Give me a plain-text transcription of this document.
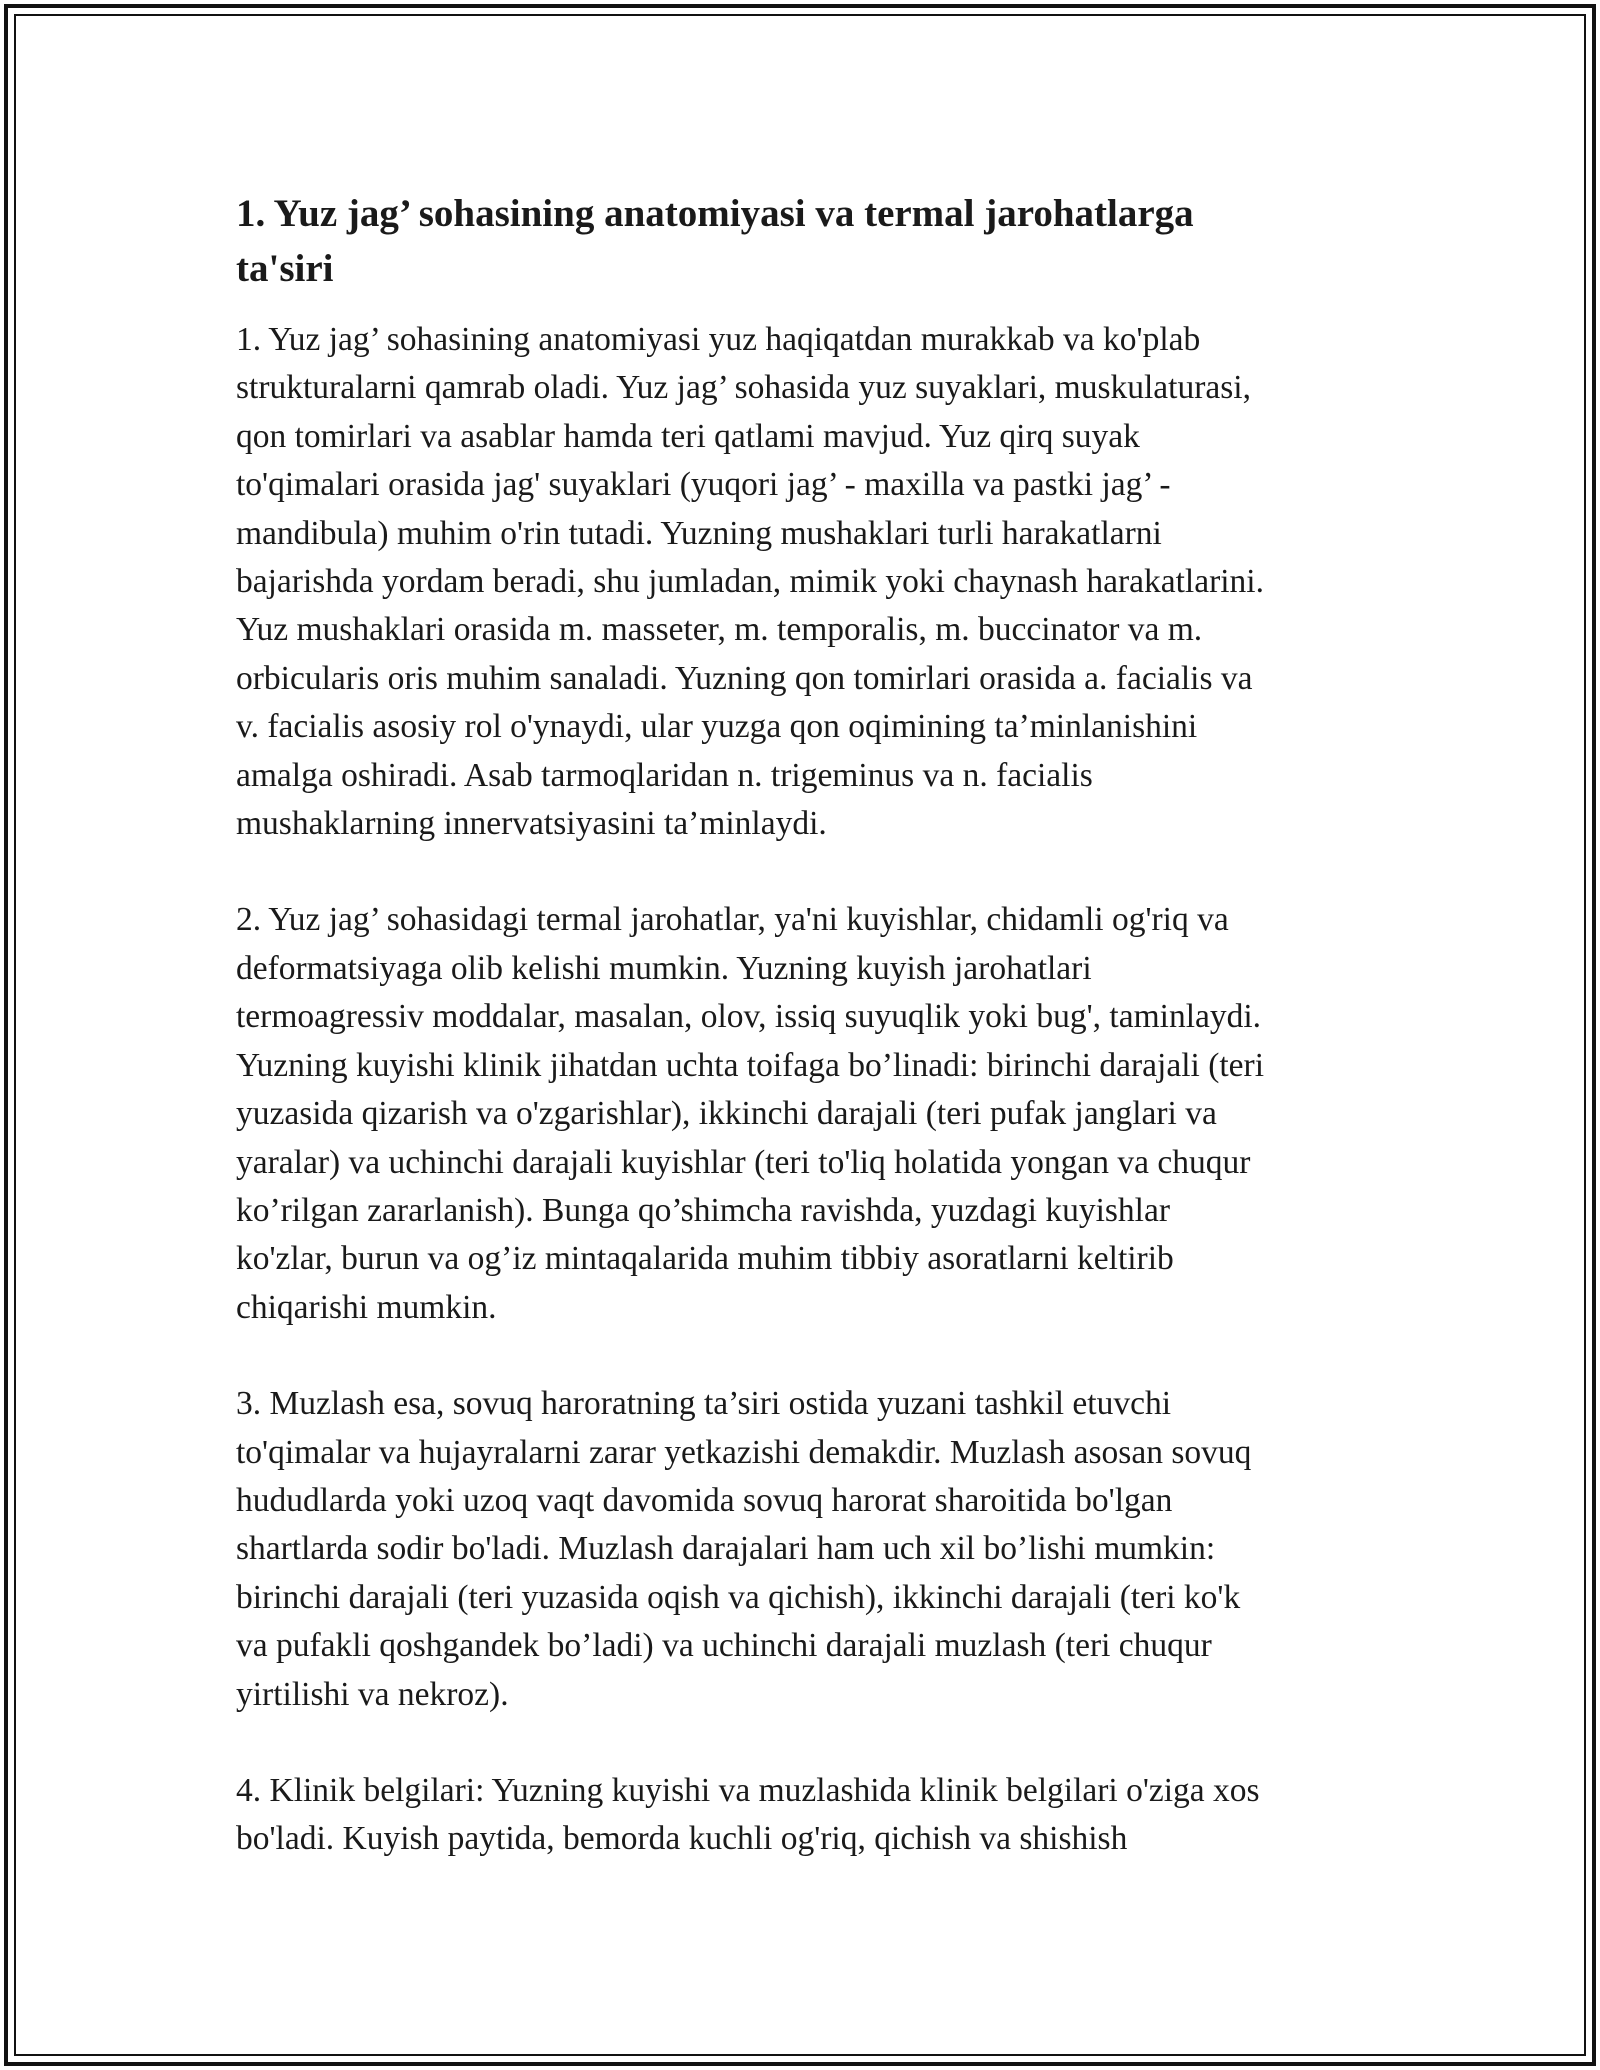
1. Yuz jag’ sohasining anatomiyasi va termal jarohatlarga
ta'siri

1. Yuz jag’ sohasining anatomiyasi yuz haqiqatdan murakkab va ko'plab
strukturalarni qamrab oladi. Yuz jag’ sohasida yuz suyaklari, muskulaturasi,
qon tomirlari va asablar hamda teri qatlami mavjud. Yuz qirq suyak
to'qimalari orasida jag' suyaklari (yuqori jag’ - maxilla va pastki jag’ -
mandibula) muhim o'rin tutadi. Yuzning mushaklari turli harakatlarni
bajarishda yordam beradi, shu jumladan, mimik yoki chaynash harakatlarini.
Yuz mushaklari orasida m. masseter, m. temporalis, m. buccinator va m.
orbicularis oris muhim sanaladi. Yuzning qon tomirlari orasida a. facialis va
v. facialis asosiy rol o'ynaydi, ular yuzga qon oqimining ta’minlanishini
amalga oshiradi. Asab tarmoqlaridan n. trigeminus va n. facialis
mushaklarning innervatsiyasini ta’minlaydi.

2. Yuz jag’ sohasidagi termal jarohatlar, ya'ni kuyishlar, chidamli og'riq va
deformatsiyaga olib kelishi mumkin. Yuzning kuyish jarohatlari
termoagressiv moddalar, masalan, olov, issiq suyuqlik yoki bug', taminlaydi.
Yuzning kuyishi klinik jihatdan uchta toifaga bo’linadi: birinchi darajali (teri
yuzasida qizarish va o'zgarishlar), ikkinchi darajali (teri pufak janglari va
yaralar) va uchinchi darajali kuyishlar (teri to'liq holatida yongan va chuqur
ko’rilgan zararlanish). Bunga qo’shimcha ravishda, yuzdagi kuyishlar
ko'zlar, burun va og’iz mintaqalarida muhim tibbiy asoratlarni keltirib
chiqarishi mumkin.

3. Muzlash esa, sovuq haroratning ta’siri ostida yuzani tashkil etuvchi
to'qimalar va hujayralarni zarar yetkazishi demakdir. Muzlash asosan sovuq
hududlarda yoki uzoq vaqt davomida sovuq harorat sharoitida bo'lgan
shartlarda sodir bo'ladi. Muzlash darajalari ham uch xil bo’lishi mumkin:
birinchi darajali (teri yuzasida oqish va qichish), ikkinchi darajali (teri ko'k
va pufakli qoshgandek bo’ladi) va uchinchi darajali muzlash (teri chuqur
yirtilishi va nekroz).

4. Klinik belgilari: Yuzning kuyishi va muzlashida klinik belgilari o'ziga xos
bo'ladi. Kuyish paytida, bemorda kuchli og'riq, qichish va shishish
